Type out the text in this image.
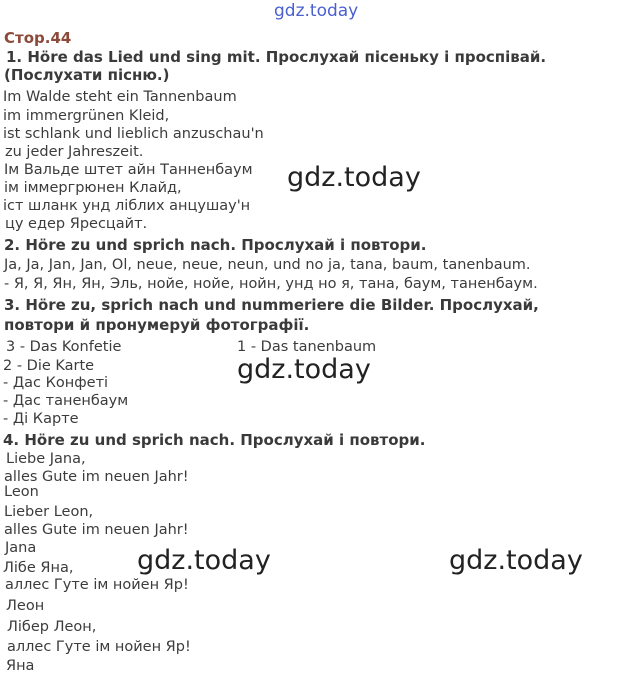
gdz.today
Стор.44
1. Höre das Lied und sing mit. Прослухай пісеньку і проспівай.
(Послухати пісню.)
Im Walde steht ein Tannenbaum
im immergrünen Kleid,
ist schlank und lieblich anzuschau'n
zu jeder Jahreszeit.
Ім Вальде штет айн Танненбаум
ім іммергрюнен Клайд,
іст шланк унд ліблих анцушау'н
цу едер Яресцайт.
gdz.today
2. Höre zu und sprich nach. Прослухай і повтори.
Ja, Ja, Jan, Jan, Ol, neue, neue, neun, und no ja, tana, baum, tanenbaum.
- Я, Я, Ян, Ян, Эль, нойе, нойе, нойн, унд но я, тана, баум, таненбаум.
3. Höre zu, sprich nach und nummeriere die Bilder. Прослухай,
повтори й пронумеруй фотографії.
3 - Das Konfetie	1 - Das tanenbaum
2 - Die Karte
- Дас Конфеті
- Дас таненбаум
- Ді Карте
gdz.today
4. Höre zu und sprich nach. Прослухай і повтори.
Liebe Jana,
alles Gute im neuen Jahr!
Leon
Lieber Leon,
alles Gute im neuen Jahr!
Jana
Лібе Яна,
аллес Гуте ім нойен Яр!
Леон
Лібер Леон,
аллес Гуте ім нойен Яр!
Яна
gdz.today	gdz.today
